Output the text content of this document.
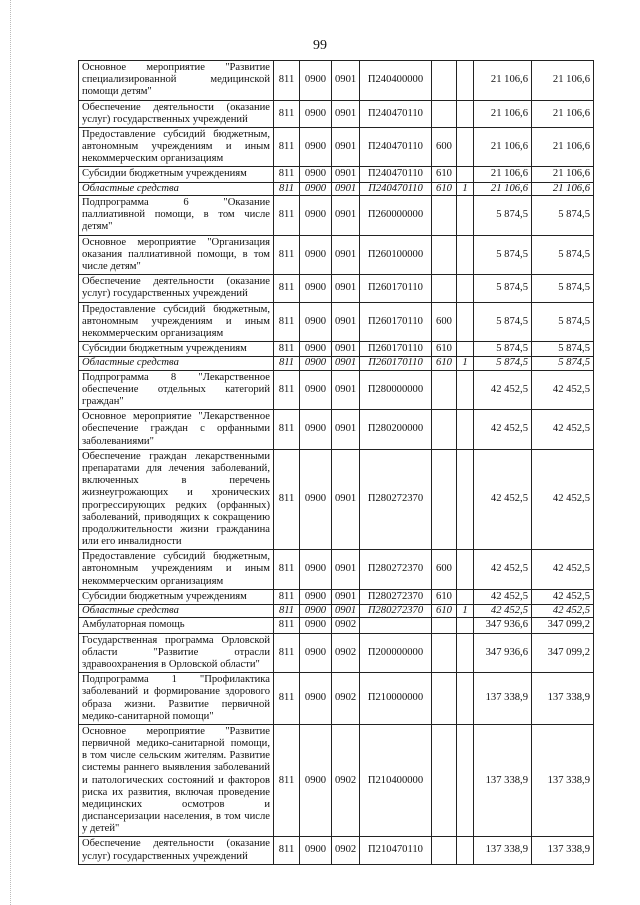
99
Основное мероприятие "Развитие специализированной медицинской помощи детям"	811	0900	0901	П240400000			21 106,6	21 106,6
Обеспечение деятельности (оказание услуг) государственных учреждений	811	0900	0901	П240470110			21 106,6	21 106,6
Предоставление субсидий бюджетным, автономным учреждениям и иным некоммерческим организациям	811	0900	0901	П240470110	600		21 106,6	21 106,6
Субсидии бюджетным учреждениям	811	0900	0901	П240470110	610		21 106,6	21 106,6
Областные средства	811	0900	0901	П240470110	610	1	21 106,6	21 106,6
Подпрограмма 6 "Оказание паллиативной помощи, в том числе детям"	811	0900	0901	П260000000			5 874,5	5 874,5
Основное мероприятие "Организация оказания паллиативной помощи, в том числе детям"	811	0900	0901	П260100000			5 874,5	5 874,5
Обеспечение деятельности (оказание услуг) государственных учреждений	811	0900	0901	П260170110			5 874,5	5 874,5
Предоставление субсидий бюджетным, автономным учреждениям и иным некоммерческим организациям	811	0900	0901	П260170110	600		5 874,5	5 874,5
Субсидии бюджетным учреждениям	811	0900	0901	П260170110	610		5 874,5	5 874,5
Областные средства	811	0900	0901	П260170110	610	1	5 874,5	5 874,5
Подпрограмма 8 "Лекарственное обеспечение отдельных категорий граждан"	811	0900	0901	П280000000			42 452,5	42 452,5
Основное мероприятие "Лекарственное обеспечение граждан с орфанными заболеваниями"	811	0900	0901	П280200000			42 452,5	42 452,5
Обеспечение граждан лекарственными препаратами для лечения заболеваний, включенных в перечень жизнеугрожающих и хронических прогрессирующих редких (орфанных) заболеваний, приводящих к сокращению продолжительности жизни гражданина или его инвалидности	811	0900	0901	П280272370			42 452,5	42 452,5
Предоставление субсидий бюджетным, автономным учреждениям и иным некоммерческим организациям	811	0900	0901	П280272370	600		42 452,5	42 452,5
Субсидии бюджетным учреждениям	811	0900	0901	П280272370	610		42 452,5	42 452,5
Областные средства	811	0900	0901	П280272370	610	1	42 452,5	42 452,5
Амбулаторная помощь	811	0900	0902				347 936,6	347 099,2
Государственная программа Орловской области "Развитие отрасли здравоохранения в Орловской области"	811	0900	0902	П200000000			347 936,6	347 099,2
Подпрограмма 1 "Профилактика заболеваний и формирование здорового образа жизни. Развитие первичной медико-санитарной помощи"	811	0900	0902	П210000000			137 338,9	137 338,9
Основное мероприятие "Развитие первичной медико-санитарной помощи, в том числе сельским жителям. Развитие системы раннего выявления заболеваний и патологических состояний и факторов риска их развития, включая проведение медицинских осмотров и диспансеризации населения, в том числе у детей"	811	0900	0902	П210400000			137 338,9	137 338,9
Обеспечение деятельности (оказание услуг) государственных учреждений	811	0900	0902	П210470110			137 338,9	137 338,9
